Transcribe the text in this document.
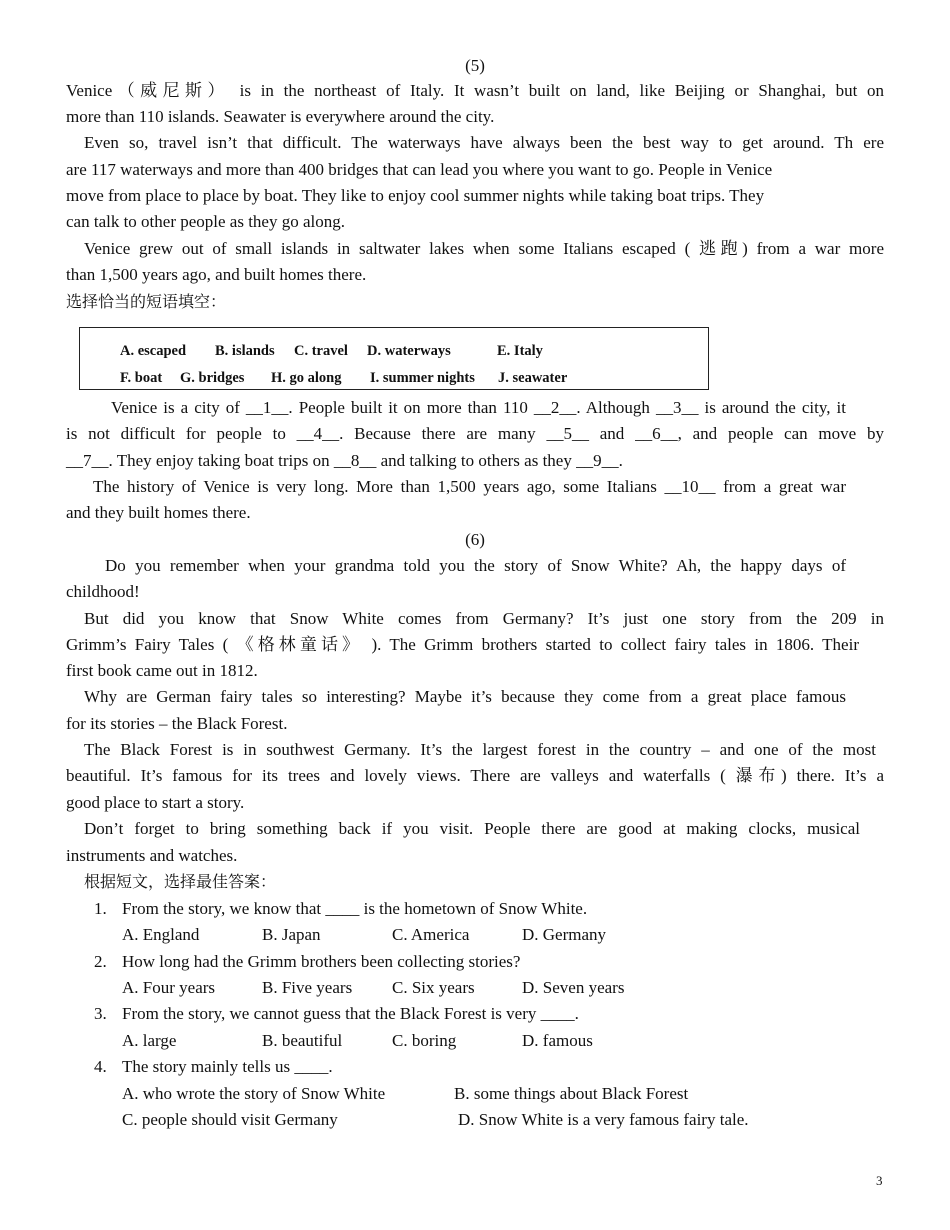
(5)
Venice（威尼斯） is in the northeast of Italy. It wasn’t built on land, like Beijing or Shanghai, but on
more than 110 islands. Seawater is everywhere around the city.
Even so, travel isn’t that difficult. The waterways have always been the best way to get around. Th ere
are 117 waterways and more than 400 bridges that can lead you where you want to go. People in Venice
move from place to place by boat. They like to enjoy cool summer nights while taking boat trips. They
can talk to other people as they go along.
Venice grew out of small islands in saltwater lakes when some Italians escaped ( 逃跑) from a war more
than 1,500 years ago, and built homes there.
选择恰当的短语填空：
A. escaped B. islands C. travel D. waterways	E. Italy
F. boat G. bridges H. go along I. summer nights J. seawater
Venice is a city of __1__. People built it on more than 110 __2__. Although __3__ is around the city, it
is not difficult for people to __4__. Because there are many __5__ and __6__, and people can move by
__7__. They enjoy taking boat trips on __8__ and talking to others as they __9__.
The history of Venice is very long. More than 1,500 years ago, some Italians __10__ from a great war
and they built homes there.
(6)
Do you remember when your grandma told you the story of Snow White? Ah, the happy days of
childhood!
But did you know that Snow White comes from Germany? It’s just one story from the 209 in
Grimm’s Fairy Tales ( 《格林童话》 ). The Grimm brothers started to collect fairy tales in 1806. Their
first book came out in 1812.
Why are German fairy tales so interesting? Maybe it’s because they come from a great place famous
for its stories – the Black Forest.
The Black Forest is in southwest Germany. It’s the largest forest in the country – and one of the most
beautiful. It’s famous for its trees and lovely views. There are valleys and waterfalls ( 瀑布) there. It’s a
good place to start a story.
Don’t forget to bring something back if you visit. People there are good at making clocks, musical
instruments and watches.
根据短文，选择最佳答案：
1. From the story, we know that ____ is the hometown of Snow White.
A. England	B. Japan	C. America	D. Germany
2. How long had the Grimm brothers been collecting stories?
A. Four years	B. Five years C. Six years	D. Seven years
3. From the story, we cannot guess that the Black Forest is very ____.
A. large	B. beautiful	C. boring	D. famous
4. The story mainly tells us ____.
A. who wrote the story of Snow White	B. some things about Black Forest
C. people should visit Germany	D. Snow White is a very famous fairy tale.
3
